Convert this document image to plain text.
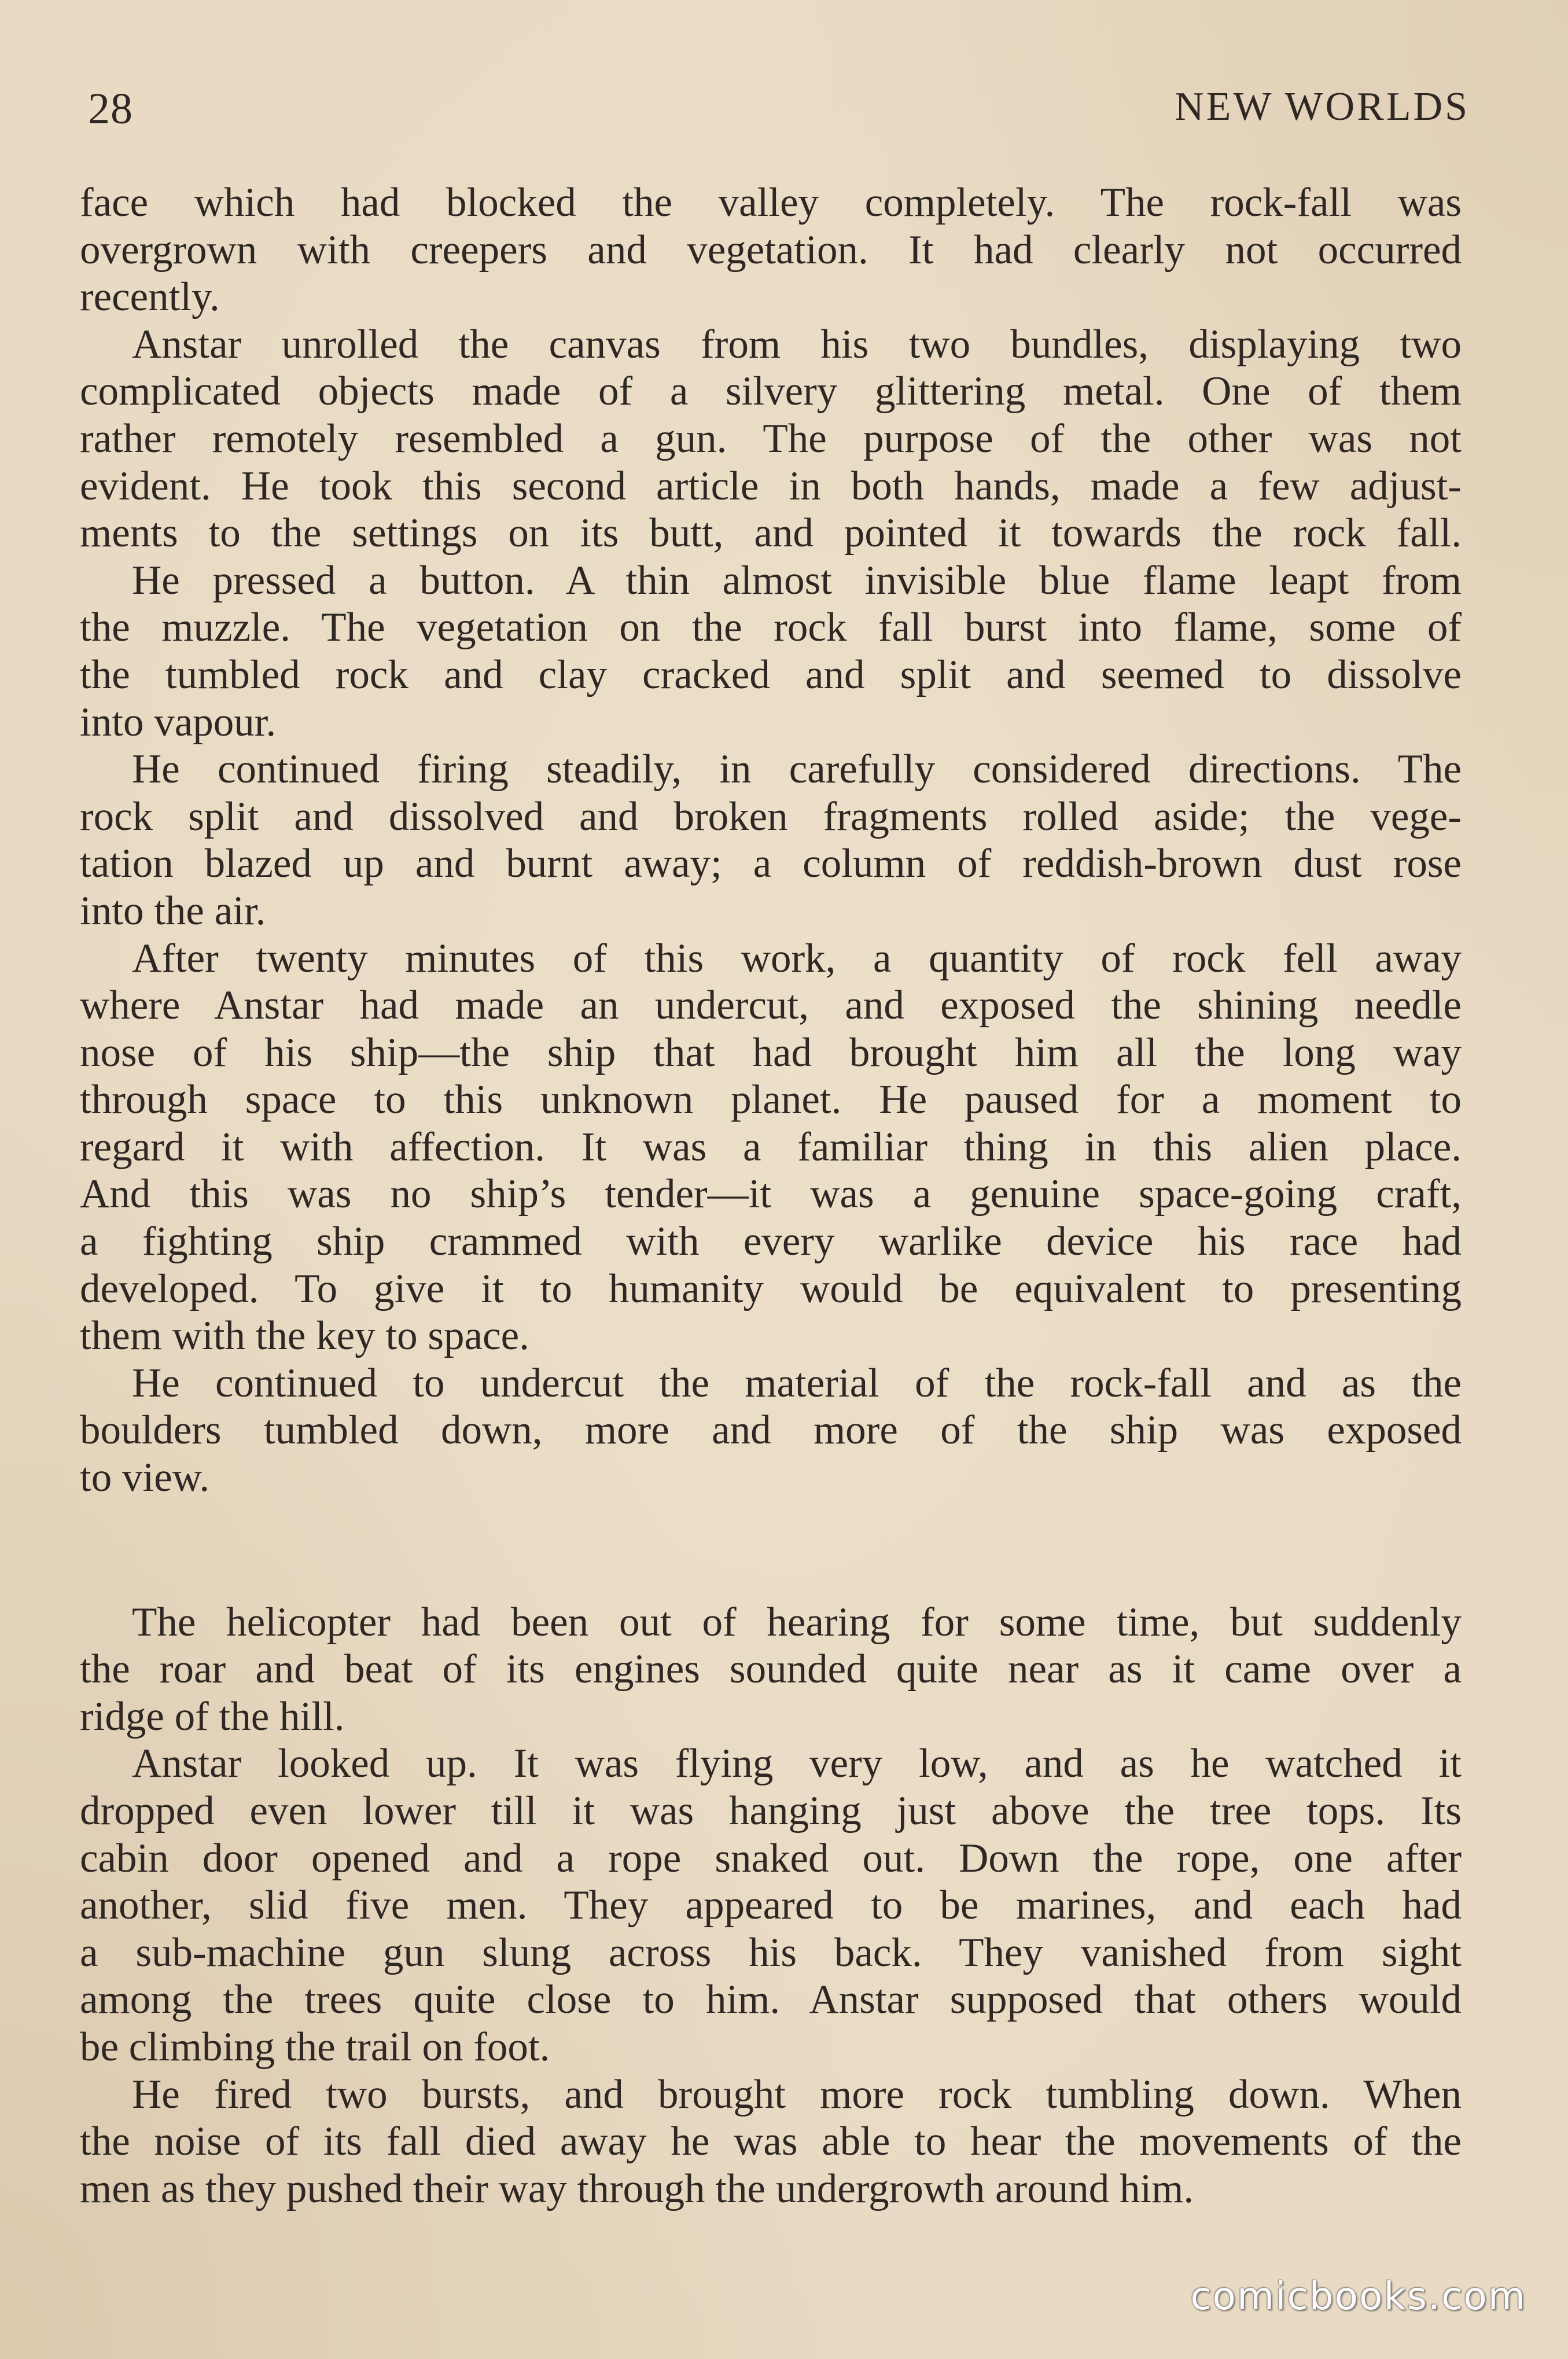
28	NEW WORLDS
face which had blocked the valley completely. The rock-fall was
overgrown with creepers and vegetation. It had clearly not occurred
recently.
Anstar unrolled the canvas from his two bundles, displaying two
complicated objects made of a silvery glittering metal. One of them
rather remotely resembled a gun. The purpose of the other was not
evident. He took this second article in both hands, made a few adjust-
ments to the settings on its butt, and pointed it towards the rock fall.
He pressed a button. A thin almost invisible blue flame leapt from
the muzzle. The vegetation on the rock fall burst into flame, some of
the tumbled rock and clay cracked and split and seemed to dissolve
into vapour.
He continued firing steadily, in carefully considered directions. The
rock split and dissolved and broken fragments rolled aside; the vege-
tation blazed up and burnt away; a column of reddish-brown dust rose
into the air.
After twenty minutes of this work, a quantity of rock fell away
where Anstar had made an undercut, and exposed the shining needle
nose of his ship—the ship that had brought him all the long way
through space to this unknown planet. He paused for a moment to
regard it with affection. It was a familiar thing in this alien place.
And this was no ship’s tender—it was a genuine space-going craft,
a fighting ship crammed with every warlike device his race had
developed. To give it to humanity would be equivalent to presenting
them with the key to space.
He continued to undercut the material of the rock-fall and as the
boulders tumbled down, more and more of the ship was exposed
to view.
The helicopter had been out of hearing for some time, but suddenly
the roar and beat of its engines sounded quite near as it came over a
ridge of the hill.
Anstar looked up. It was flying very low, and as he watched it
dropped even lower till it was hanging just above the tree tops. Its
cabin door opened and a rope snaked out. Down the rope, one after
another, slid five men. They appeared to be marines, and each had
a sub-machine gun slung across his back. They vanished from sight
among the trees quite close to him. Anstar supposed that others would
be climbing the trail on foot.
He fired two bursts, and brought more rock tumbling down. When
the noise of its fall died away he was able to hear the movements of the
men as they pushed their way through the undergrowth around him.
comicbooks.com
